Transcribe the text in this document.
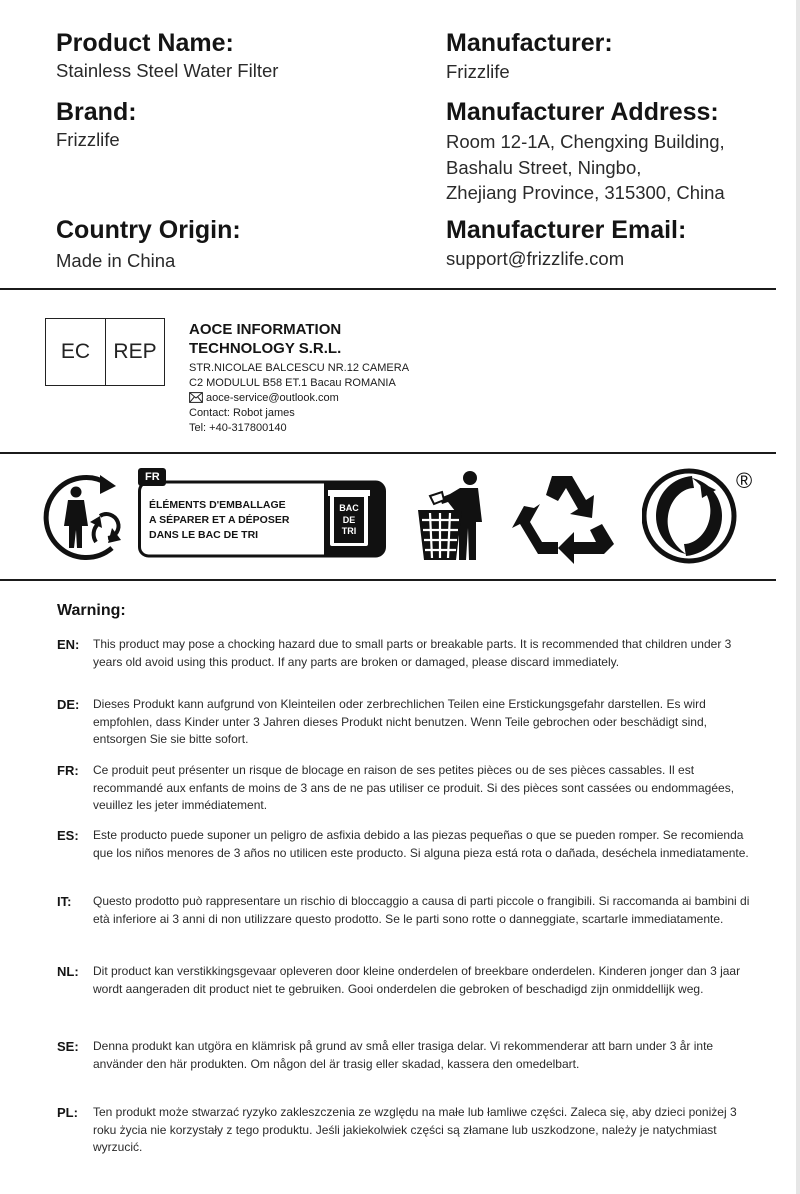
Product Name:
Stainless Steel Water Filter
Brand:
Frizzlife
Country Origin:
Made in China
Manufacturer:
Frizzlife
Manufacturer Address:
Room 12-1A, Chengxing Building,
Bashalu Street, Ningbo,
Zhejiang Province, 315300, China
Manufacturer Email:
support@frizzlife.com
EC	REP
AOCE INFORMATION
TECHNOLOGY S.R.L.
STR.NICOLAE BALCESCU NR.12 CAMERA
C2 MODULUL B58 ET.1 Bacau ROMANIA
aoce-service@outlook.com
Contact: Robot james
Tel: +40-317800140
FR
ÉLÉMENTS D'EMBALLAGE
A SÉPARER ET A DÉPOSER
DANS LE BAC DE TRI
BAC
DE
TRI
®
Warning:
EN: This product may pose a chocking hazard due to small parts or breakable parts. It is recommended that children under 3 years old avoid using this product. If any parts are broken or damaged, please discard immediately.
DE: Dieses Produkt kann aufgrund von Kleinteilen oder zerbrechlichen Teilen eine Erstickungsgefahr darstellen. Es wird empfohlen, dass Kinder unter 3 Jahren dieses Produkt nicht benutzen. Wenn Teile gebrochen oder beschädigt sind, entsorgen Sie sie bitte sofort.
FR: Ce produit peut présenter un risque de blocage en raison de ses petites pièces ou de ses pièces cassables. Il est recommandé aux enfants de moins de 3 ans de ne pas utiliser ce produit. Si des pièces sont cassées ou endommagées, veuillez les jeter immédiatement.
ES: Este producto puede suponer un peligro de asfixia debido a las piezas pequeñas o que se pueden romper. Se recomienda que los niños menores de 3 años no utilicen este producto. Si alguna pieza está rota o dañada, deséchela inmediatamente.
IT: Questo prodotto può rappresentare un rischio di bloccaggio a causa di parti piccole o frangibili. Si raccomanda ai bambini di età inferiore ai 3 anni di non utilizzare questo prodotto. Se le parti sono rotte o danneggiate, scartarle immediatamente.
NL: Dit product kan verstikkingsgevaar opleveren door kleine onderdelen of breekbare onderdelen. Kinderen jonger dan 3 jaar wordt aangeraden dit product niet te gebruiken. Gooi onderdelen die gebroken of beschadigd zijn onmiddellijk weg.
SE: Denna produkt kan utgöra en klämrisk på grund av små eller trasiga delar. Vi rekommenderar att barn under 3 år inte använder den här produkten. Om någon del är trasig eller skadad, kassera den omedelbart.
PL: Ten produkt może stwarzać ryzyko zakleszczenia ze względu na małe lub łamliwe części. Zaleca się, aby dzieci poniżej 3 roku życia nie korzystały z tego produktu. Jeśli jakiekolwiek części są złamane lub uszkodzone, należy je natychmiast wyrzucić.
